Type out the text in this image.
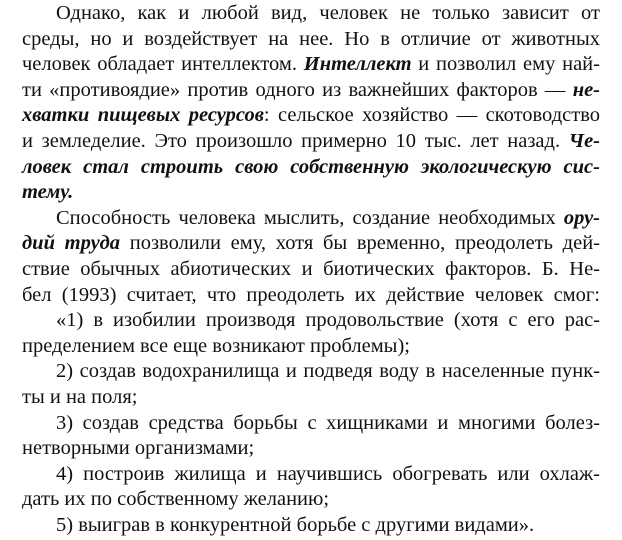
Однако, как и любой вид, человек не только зависит от
среды, но и воздействует на нее. Но в отличие от животных
человек обладает интеллектом. Интеллект и позволил ему най-
ти «противоядие» против одного из важнейших факторов — не-
хватки пищевых ресурсов: сельское хозяйство — скотоводство
и земледелие. Это произошло примерно 10 тыс. лет назад. Че-
ловек стал строить свою собственную экологическую сис-
тему.
Способность человека мыслить, создание необходимых ору-
дий труда позволили ему, хотя бы временно, преодолеть дей-
ствие обычных абиотических и биотических факторов. Б. Не-
бел (1993) считает, что преодолеть их действие человек смог:
«1) в изобилии производя продовольствие (хотя с его рас-
пределением все еще возникают проблемы);
2) создав водохранилища и подведя воду в населенные пунк-
ты и на поля;
3) создав средства борьбы с хищниками и многими болез-
нетворными организмами;
4) построив жилища и научившись обогревать или охлаж-
дать их по собственному желанию;
5) выиграв в конкурентной борьбе с другими видами».
